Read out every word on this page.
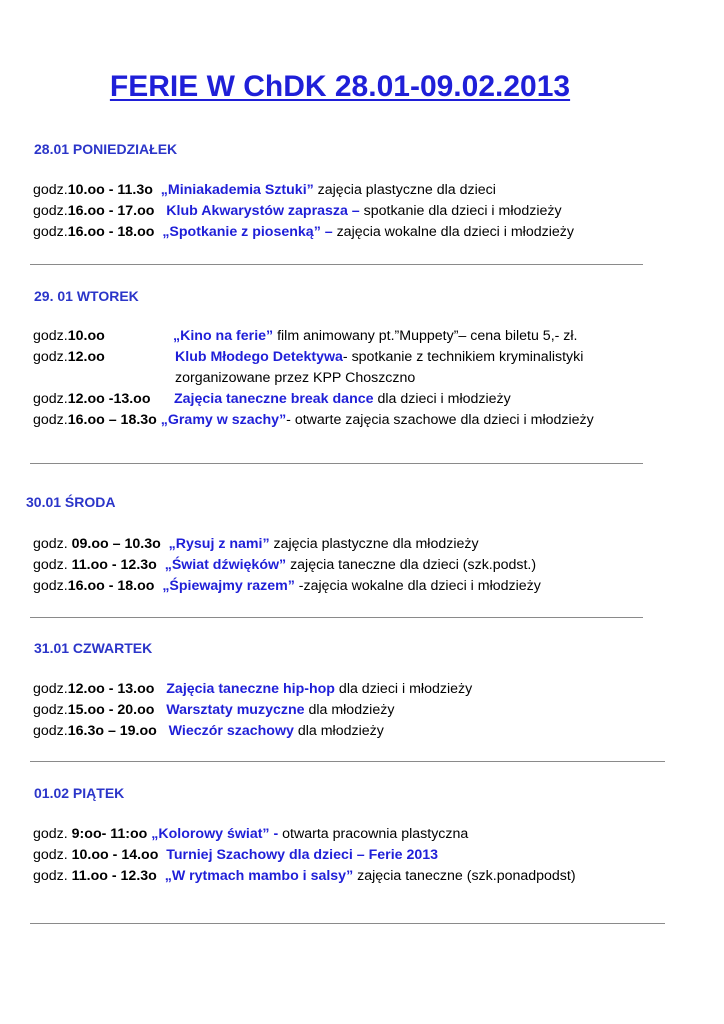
FERIE W ChDK 28.01-09.02.2013
28.01 PONIEDZIAŁEK
godz.10.oo - 11.3o „Miniakademia Sztuki” zajęcia plastyczne dla dzieci
godz.16.oo - 17.oo Klub Akwarystów zaprasza – spotkanie dla dzieci i młodzieży
godz.16.oo - 18.oo „Spotkanie z piosenką” – zajęcia wokalne dla dzieci i młodzieży
29. 01 WTOREK
godz.10.oo	„Kino na ferie” film animowany pt.”Muppety”– cena biletu 5,- zł.
godz.12.oo	Klub Młodego Detektywa- spotkanie z technikiem kryminalistyki
zorganizowane przez KPP Choszczno
godz.12.oo -13.oo Zajęcia taneczne break dance dla dzieci i młodzieży
godz.16.oo – 18.3o „Gramy w szachy”- otwarte zajęcia szachowe dla dzieci i młodzieży
30.01 ŚRODA
godz. 09.oo – 10.3o „Rysuj z nami” zajęcia plastyczne dla młodzieży
godz. 11.oo - 12.3o „Świat dźwięków” zajęcia taneczne dla dzieci (szk.podst.)
godz.16.oo - 18.oo „Śpiewajmy razem” -zajęcia wokalne dla dzieci i młodzieży
31.01 CZWARTEK
godz.12.oo - 13.oo Zajęcia taneczne hip-hop dla dzieci i młodzieży
godz.15.oo - 20.oo Warsztaty muzyczne dla młodzieży
godz.16.3o – 19.oo Wieczór szachowy dla młodzieży
01.02 PIĄTEK
godz. 9:oo- 11:oo „Kolorowy świat” - otwarta pracownia plastyczna
godz. 10.oo - 14.oo Turniej Szachowy dla dzieci – Ferie 2013
godz. 11.oo - 12.3o „W rytmach mambo i salsy” zajęcia taneczne (szk.ponadpodst)
